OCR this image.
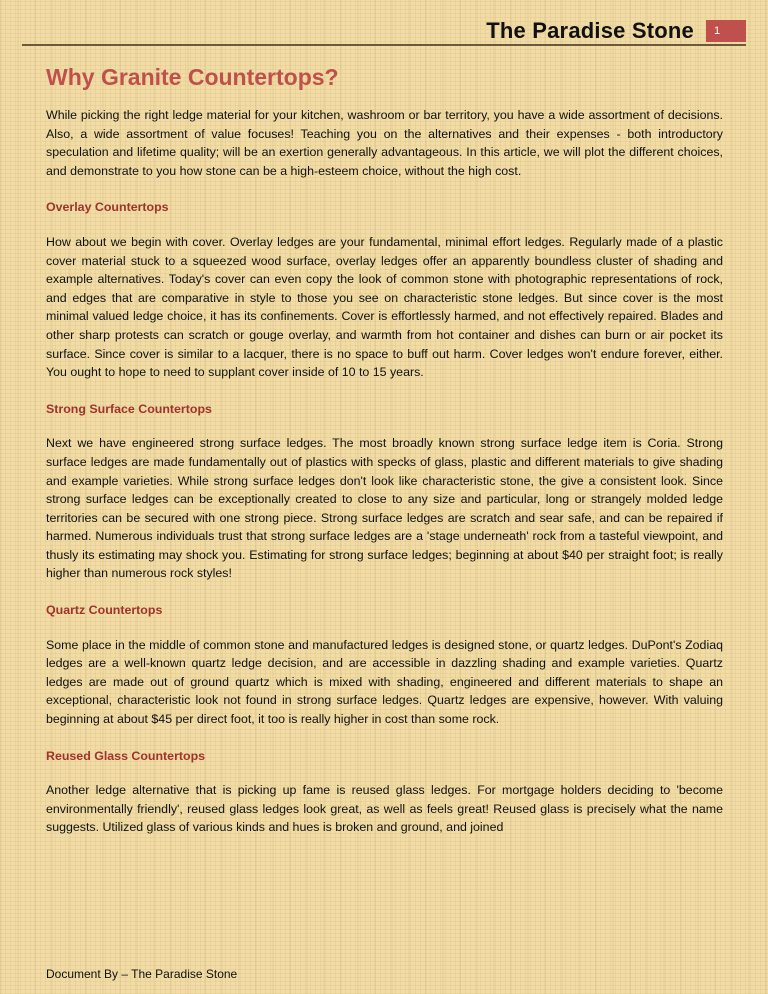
The Paradise Stone	1
Why Granite Countertops?

While picking the right ledge material for your kitchen, washroom or bar territory, you have a wide assortment of decisions. Also, a wide assortment of value focuses! Teaching you on the alternatives and their expenses - both introductory speculation and lifetime quality; will be an exertion generally advantageous. In this article, we will plot the different choices, and demonstrate to you how stone can be a high-esteem choice, without the high cost.

Overlay Countertops

How about we begin with cover. Overlay ledges are your fundamental, minimal effort ledges. Regularly made of a plastic cover material stuck to a squeezed wood surface, overlay ledges offer an apparently boundless cluster of shading and example alternatives. Today's cover can even copy the look of common stone with photographic representations of rock, and edges that are comparative in style to those you see on characteristic stone ledges. But since cover is the most minimal valued ledge choice, it has its confinements. Cover is effortlessly harmed, and not effectively repaired. Blades and other sharp protests can scratch or gouge overlay, and warmth from hot container and dishes can burn or air pocket its surface. Since cover is similar to a lacquer, there is no space to buff out harm. Cover ledges won't endure forever, either. You ought to hope to need to supplant cover inside of 10 to 15 years.

Strong Surface Countertops

Next we have engineered strong surface ledges. The most broadly known strong surface ledge item is Coria. Strong surface ledges are made fundamentally out of plastics with specks of glass, plastic and different materials to give shading and example varieties. While strong surface ledges don't look like characteristic stone, the give a consistent look. Since strong surface ledges can be exceptionally created to close to any size and particular, long or strangely molded ledge territories can be secured with one strong piece. Strong surface ledges are scratch and sear safe, and can be repaired if harmed. Numerous individuals trust that strong surface ledges are a 'stage underneath' rock from a tasteful viewpoint, and thusly its estimating may shock you. Estimating for strong surface ledges; beginning at about $40 per straight foot; is really higher than numerous rock styles!

Quartz Countertops

Some place in the middle of common stone and manufactured ledges is designed stone, or quartz ledges. DuPont's Zodiaq ledges are a well-known quartz ledge decision, and are accessible in dazzling shading and example varieties. Quartz ledges are made out of ground quartz which is mixed with shading, engineered and different materials to shape an exceptional, characteristic look not found in strong surface ledges. Quartz ledges are expensive, however. With valuing beginning at about $45 per direct foot, it too is really higher in cost than some rock.

Reused Glass Countertops

Another ledge alternative that is picking up fame is reused glass ledges. For mortgage holders deciding to 'become environmentally friendly', reused glass ledges look great, as well as feels great! Reused glass is precisely what the name suggests. Utilized glass of various kinds and hues is broken and ground, and joined

Document By – The Paradise Stone
